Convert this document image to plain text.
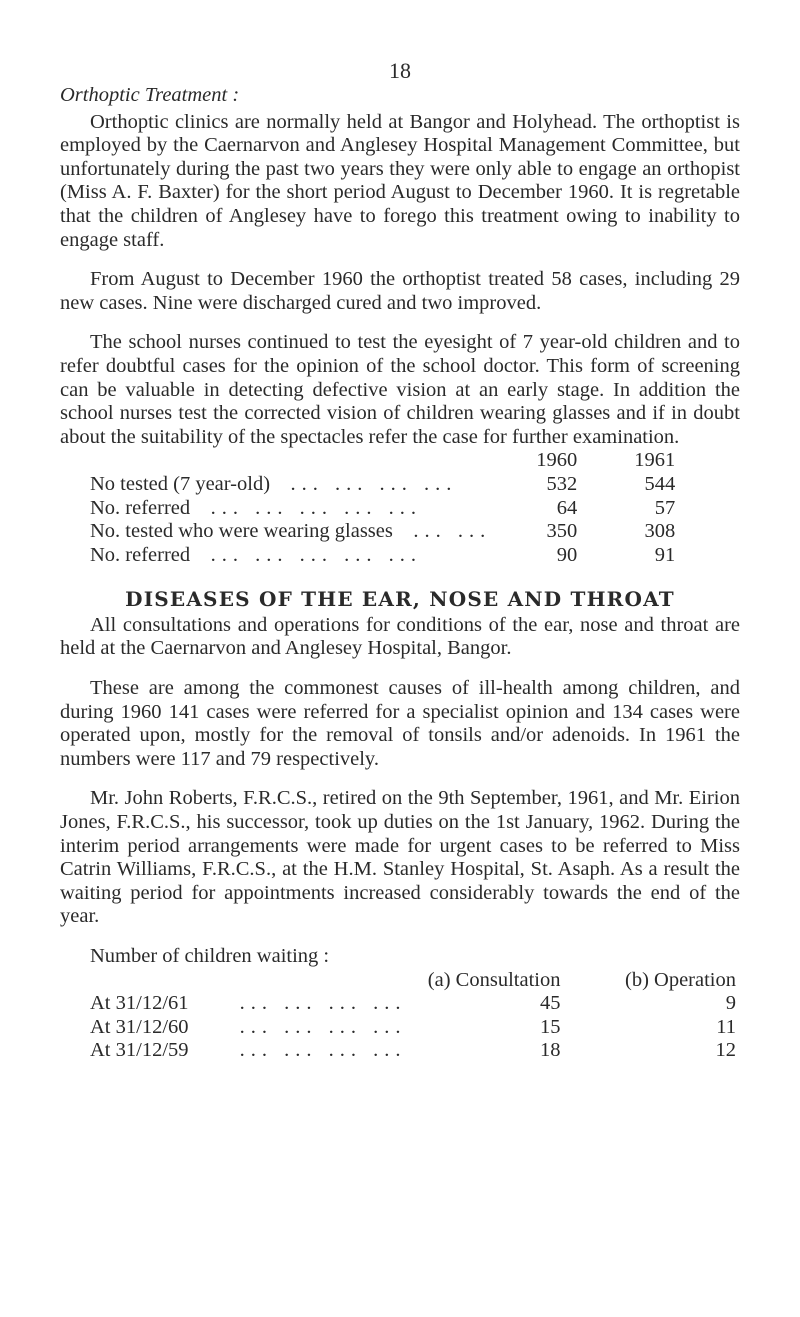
18
Orthoptic Treatment :

Orthoptic clinics are normally held at Bangor and Holyhead. The orthoptist is employed by the Caernarvon and Anglesey Hospital Management Committee, but unfortunately during the past two years they were only able to engage an orthopist (Miss A. F. Baxter) for the short period August to December 1960. It is regretable that the children of Anglesey have to forego this treatment owing to inability to engage staff.

From August to December 1960 the orthoptist treated 58 cases, including 29 new cases. Nine were discharged cured and two improved.

The school nurses continued to test the eyesight of 7 year-old children and to refer doubtful cases for the opinion of the school doctor. This form of screening can be valuable in detecting defective vision at an early stage. In addition the school nurses test the corrected vision of children wearing glasses and if in doubt about the suitability of the spectacles refer the case for further examination.

	1960	1961
No tested (7 year-old) ... ... ... ...	532	544
No. referred ... ... ... ... ...	64	57
No. tested who were wearing glasses ... ...	350	308
No. referred ... ... ... ... ...	90	91
DISEASES OF THE EAR, NOSE AND THROAT

All consultations and operations for conditions of the ear, nose and throat are held at the Caernarvon and Anglesey Hospital, Bangor.

These are among the commonest causes of ill-health among children, and during 1960 141 cases were referred for a specialist opinion and 134 cases were operated upon, mostly for the removal of tonsils and/or adenoids. In 1961 the numbers were 117 and 79 respectively.

Mr. John Roberts, F.R.C.S., retired on the 9th September, 1961, and Mr. Eirion Jones, F.R.C.S., his successor, took up duties on the 1st January, 1962. During the interim period arrangements were made for urgent cases to be referred to Miss Catrin Williams, F.R.C.S., at the H.M. Stanley Hospital, St. Asaph. As a result the waiting period for appointments increased considerably towards the end of the year.

Number of children waiting :
	(a) Consultation		(b) Operation
At 31/12/61	... ... ... ...	45	9
At 31/12/60	... ... ... ...	15	11
At 31/12/59	... ... ... ...	18	12
